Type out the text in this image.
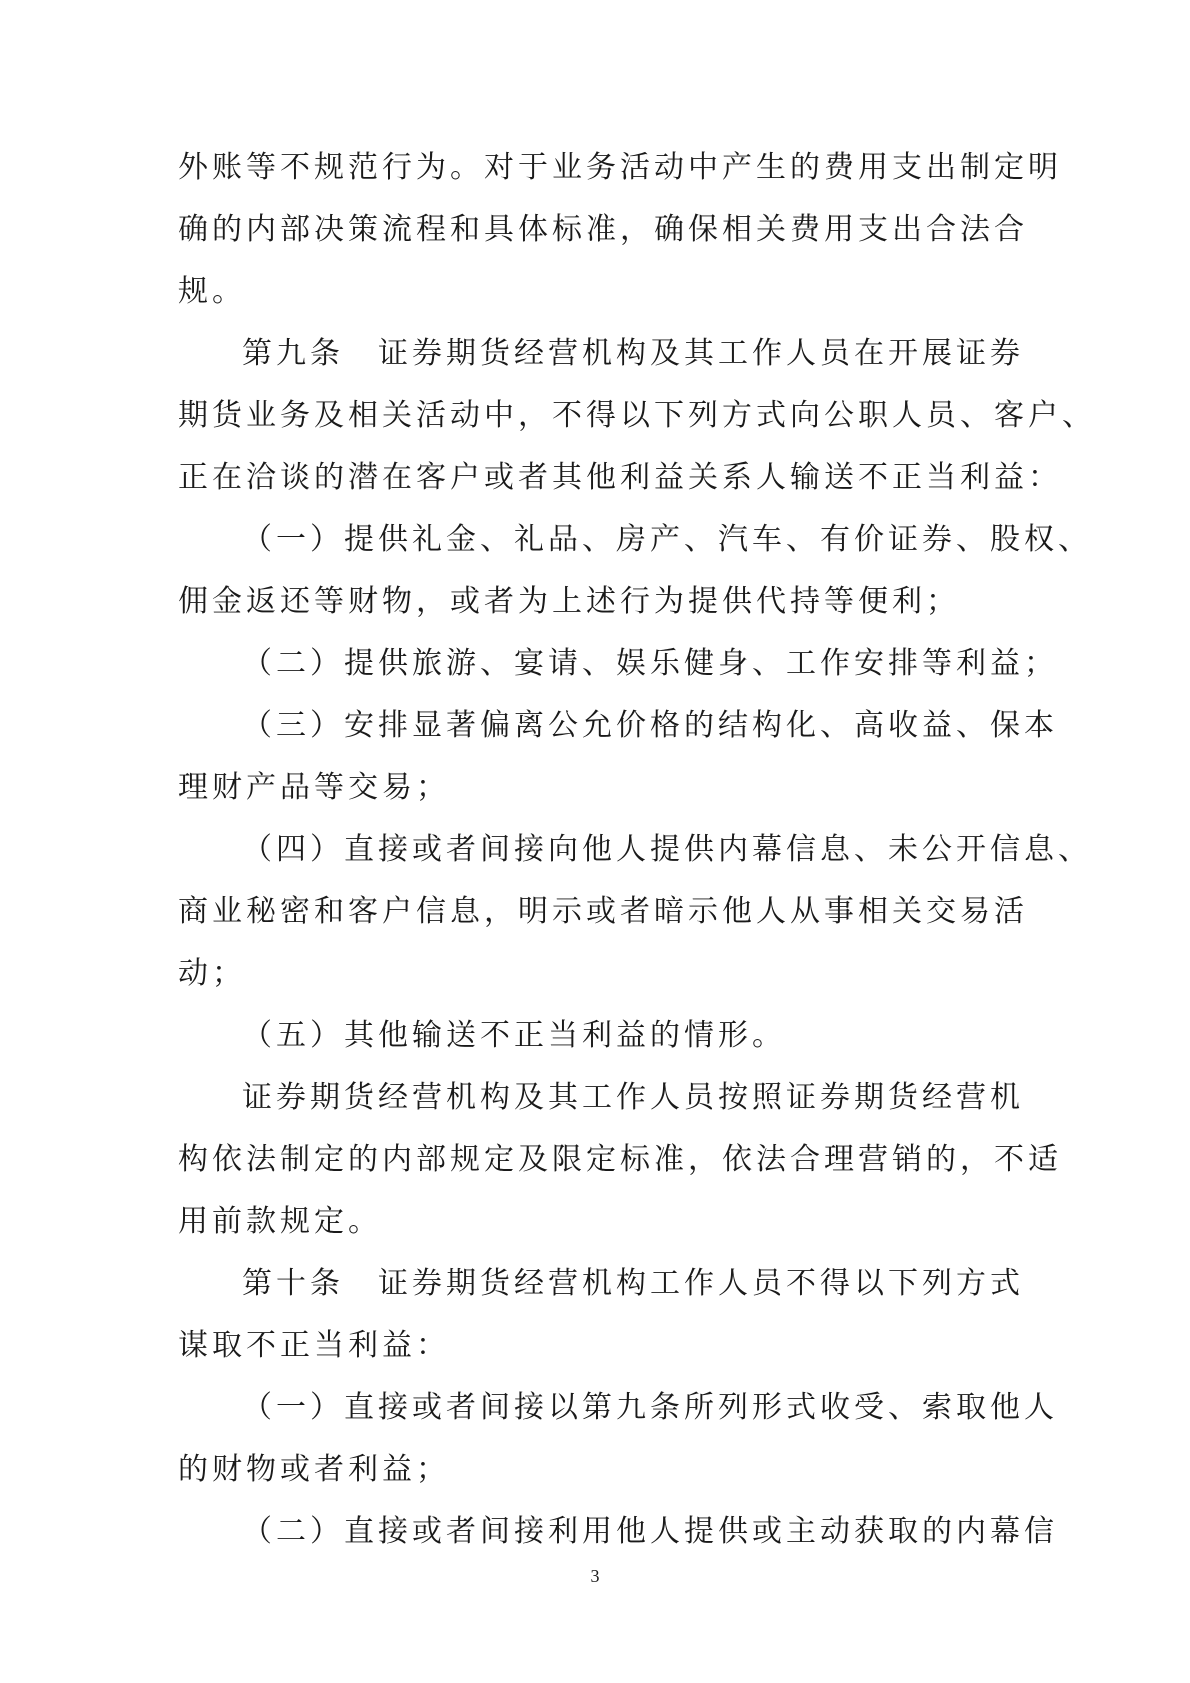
外账等不规范行为。对于业务活动中产生的费用支出制定明
确的内部决策流程和具体标准，确保相关费用支出合法合
规。
第九条　证券期货经营机构及其工作人员在开展证券
期货业务及相关活动中，不得以下列方式向公职人员、客户、
正在洽谈的潜在客户或者其他利益关系人输送不正当利益：
（一）提供礼金、礼品、房产、汽车、有价证券、股权、
佣金返还等财物，或者为上述行为提供代持等便利；
（二）提供旅游、宴请、娱乐健身、工作安排等利益；
（三）安排显著偏离公允价格的结构化、高收益、保本
理财产品等交易；
（四）直接或者间接向他人提供内幕信息、未公开信息、
商业秘密和客户信息，明示或者暗示他人从事相关交易活
动；
（五）其他输送不正当利益的情形。
证券期货经营机构及其工作人员按照证券期货经营机
构依法制定的内部规定及限定标准，依法合理营销的，不适
用前款规定。
第十条　证券期货经营机构工作人员不得以下列方式
谋取不正当利益：
（一）直接或者间接以第九条所列形式收受、索取他人
的财物或者利益；
（二）直接或者间接利用他人提供或主动获取的内幕信
3
